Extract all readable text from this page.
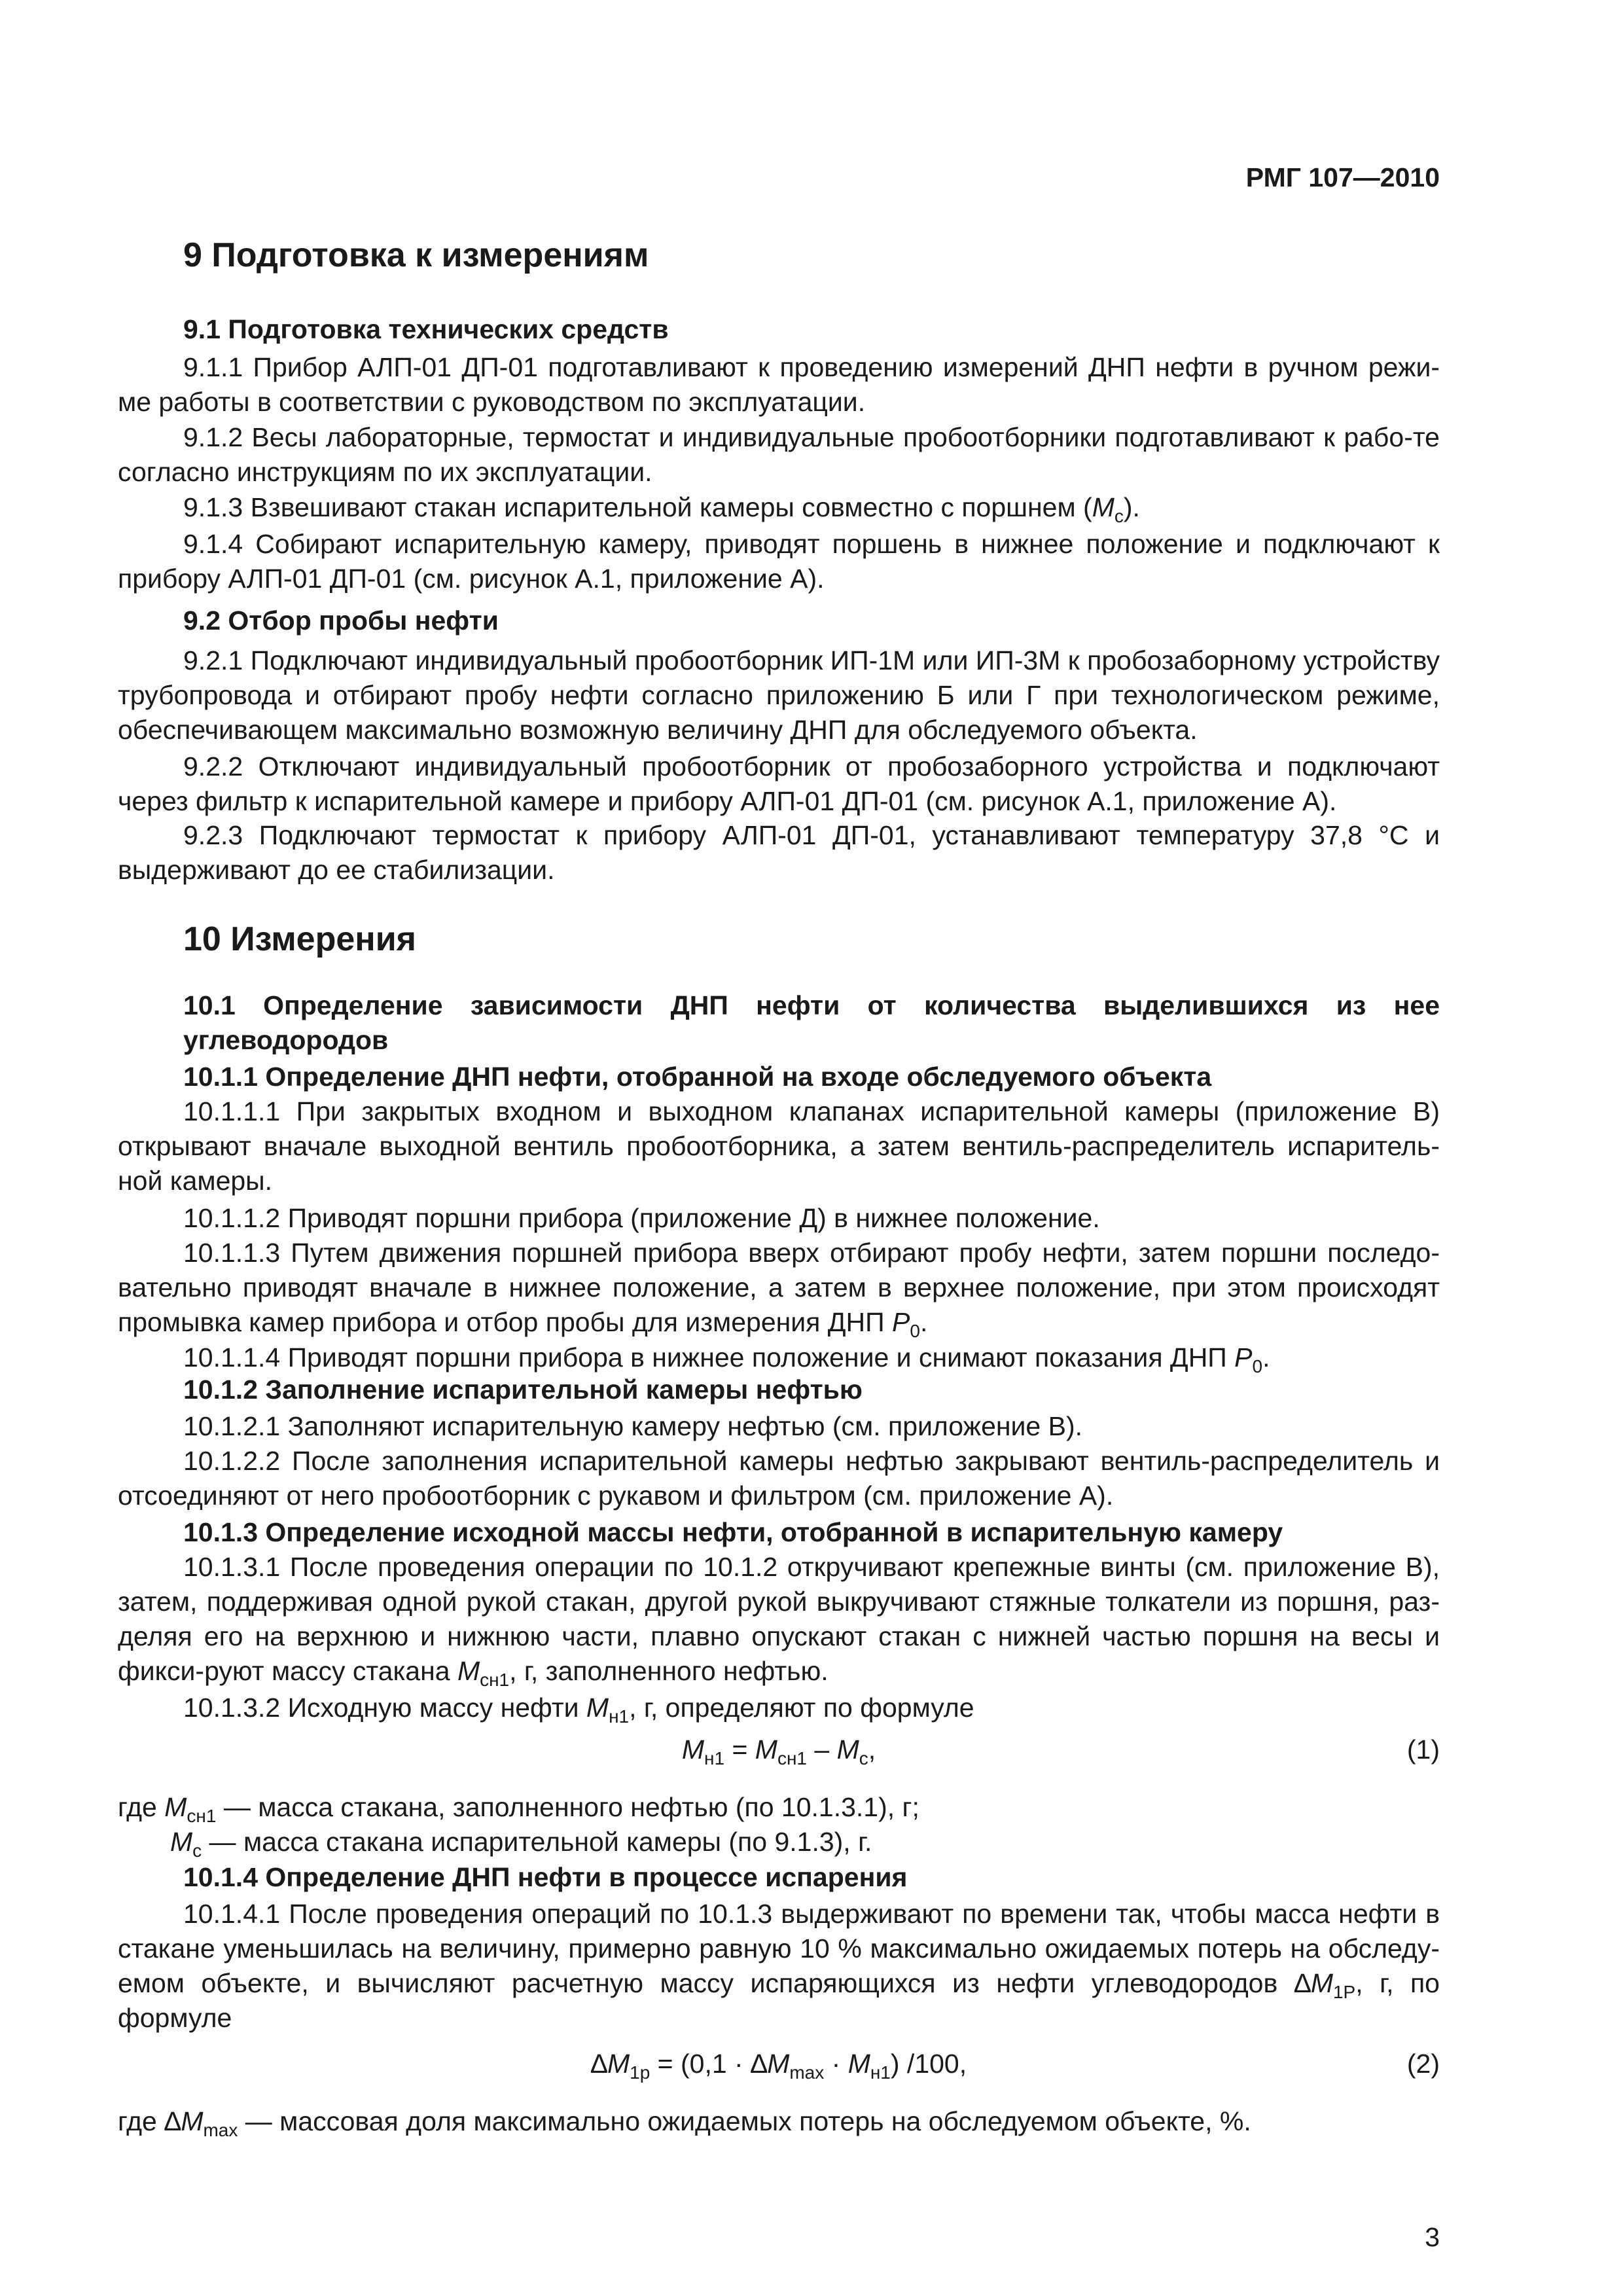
РМГ 107—2010
9 Подготовка к измерениям
9.1 Подготовка технических средств
9.1.1 Прибор АЛП-01 ДП-01 подготавливают к проведению измерений ДНП нефти в ручном режи-ме работы в соответствии с руководством по эксплуатации.
9.1.2 Весы лабораторные, термостат и индивидуальные пробоотборники подготавливают к рабо-те согласно инструкциям по их эксплуатации.
9.1.3 Взвешивают стакан испарительной камеры совместно с поршнем $(M_с)$.
9.1.4 Собирают испарительную камеру, приводят поршень в нижнее положение и подключают к прибору АЛП-01 ДП-01 (см. рисунок А.1, приложение А).
9.2 Отбор пробы нефти
9.2.1 Подключают индивидуальный пробоотборник ИП-1М или ИП-3М к пробозаборному устройству трубопровода и отбирают пробу нефти согласно приложению Б или Г при технологическом режиме, обеспечивающем максимально возможную величину ДНП для обследуемого объекта.
9.2.2 Отключают индивидуальный пробоотборник от пробозаборного устройства и подключают через фильтр к испарительной камере и прибору АЛП-01 ДП-01 (см. рисунок А.1, приложение А).
9.2.3 Подключают термостат к прибору АЛП-01 ДП-01, устанавливают температуру 37,8 °С и выдерживают до ее стабилизации.
10 Измерения
10.1 Определение зависимости ДНП нефти от количества выделившихся из нее углеводородов
10.1.1 Определение ДНП нефти, отобранной на входе обследуемого объекта
10.1.1.1 При закрытых входном и выходном клапанах испарительной камеры (приложение В) открывают вначале выходной вентиль пробоотборника, а затем вентиль-распределитель испаритель-ной камеры.
10.1.1.2 Приводят поршни прибора (приложение Д) в нижнее положение.
10.1.1.3 Путем движения поршней прибора вверх отбирают пробу нефти, затем поршни последо-вательно приводят вначале в нижнее положение, а затем в верхнее положение, при этом происходят промывка камер прибора и отбор пробы для измерения ДНП $P_0$.
10.1.1.4 Приводят поршни прибора в нижнее положение и снимают показания ДНП $P_0$.
10.1.2 Заполнение испарительной камеры нефтью
10.1.2.1 Заполняют испарительную камеру нефтью (см. приложение В).
10.1.2.2 После заполнения испарительной камеры нефтью закрывают вентиль-распределитель и отсоединяют от него пробоотборник с рукавом и фильтром (см. приложение А).
10.1.3 Определение исходной массы нефти, отобранной в испарительную камеру
10.1.3.1 После проведения операции по 10.1.2 откручивают крепежные винты (см. приложение В), затем, поддерживая одной рукой стакан, другой рукой выкручивают стяжные толкатели из поршня, раз-деляя его на верхнюю и нижнюю части, плавно опускают стакан с нижней частью поршня на весы и фикси-руют массу стакана $M_{сн1}$, г, заполненного нефтью.
10.1.3.2 Исходную массу нефти $M_{н1}$, г, определяют по формуле
$M_{н1} = M_{сн1} - M_с$,	(1)
где $M_{сн1}$ — масса стакана, заполненного нефтью (по 10.1.3.1), г;
$M_с$ — масса стакана испарительной камеры (по 9.1.3), г.
10.1.4 Определение ДНП нефти в процессе испарения
10.1.4.1 После проведения операций по 10.1.3 выдерживают по времени так, чтобы масса нефти в стакане уменьшилась на величину, примерно равную 10 % максимально ожидаемых потерь на обследу-емом объекте, и вычисляют расчетную массу испаряющихся из нефти углеводородов $\Delta M_{1P}$, г, по формуле
$\Delta M_{1р} = (0,1 \cdot \Delta M_{max} \cdot M_{н1})$ /100,	(2)
где $\Delta M_{max}$ — массовая доля максимально ожидаемых потерь на обследуемом объекте, %.
3
